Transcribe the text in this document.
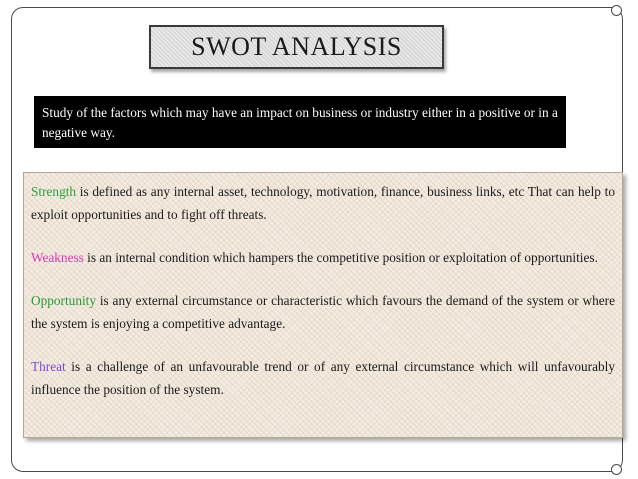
SWOT ANALYSIS
Study of the factors which may have an impact on business or industry either in a positive or in a negative way.

Strength is defined as any internal asset, technology, motivation, finance, business links, etc That can help to exploit opportunities and to fight off threats.

Weakness is an internal condition which hampers the competitive position or exploitation of opportunities.

Opportunity is any external circumstance or characteristic which favours the demand of the system or where the system is enjoying a competitive advantage.

Threat is a challenge of an unfavourable trend or of any external circumstance which will unfavourably influence the position of the system.
